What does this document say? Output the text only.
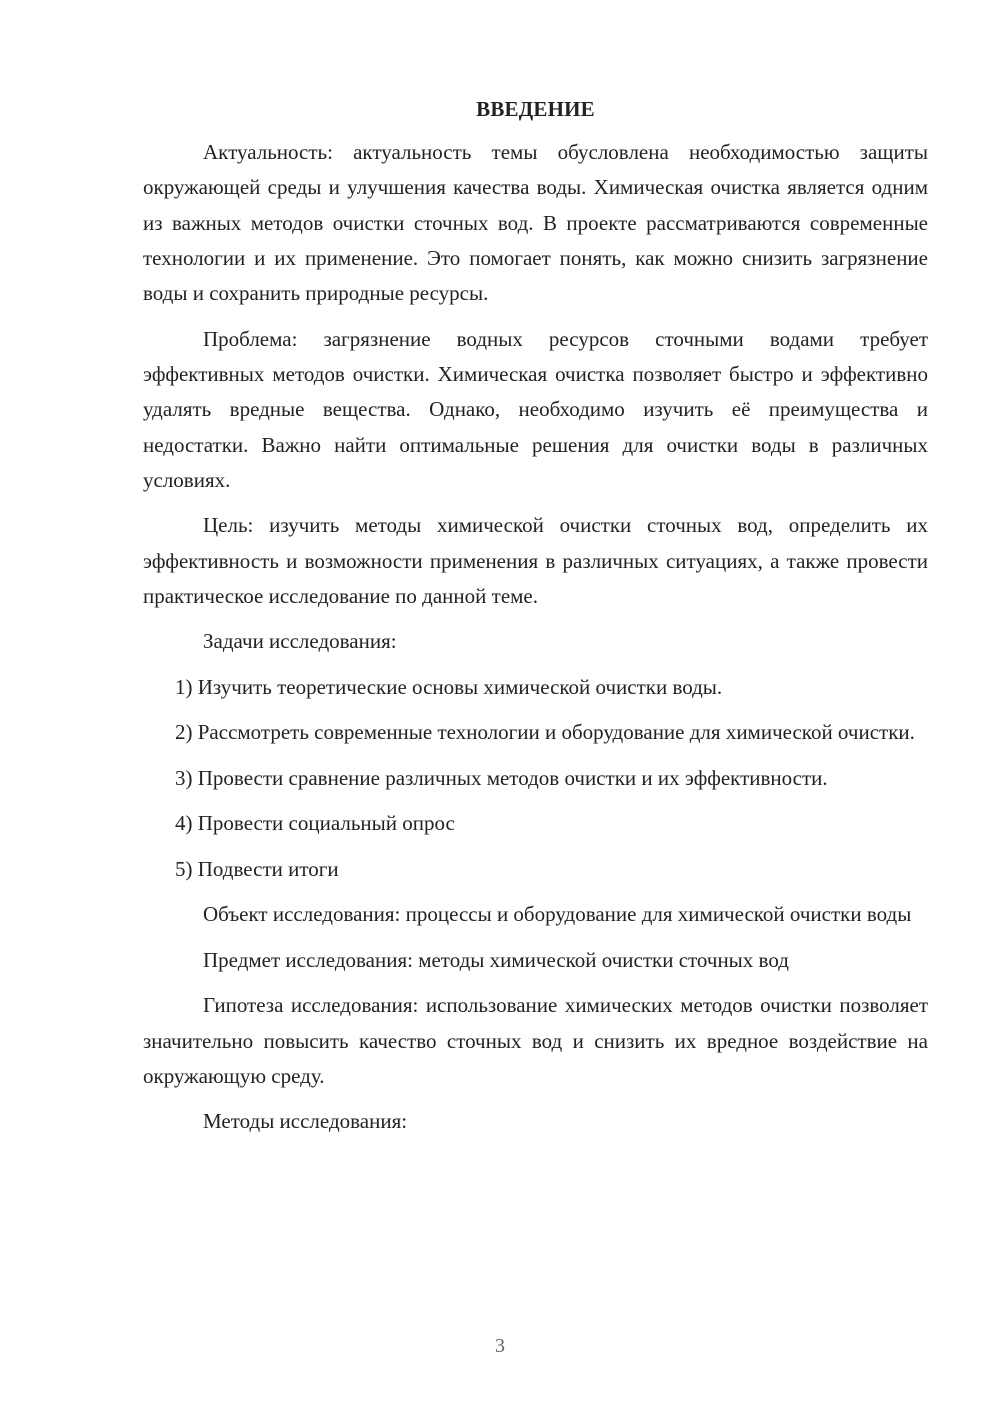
ВВЕДЕНИЕ

Актуальность: актуальность темы обусловлена необходимостью защиты окружающей среды и улучшения качества воды. Химическая очистка является одним из важных методов очистки сточных вод. В проекте рассматриваются современные технологии и их применение. Это помогает понять, как можно снизить загрязнение воды и сохранить природные ресурсы.

Проблема: загрязнение водных ресурсов сточными водами требует эффективных методов очистки. Химическая очистка позволяет быстро и эффективно удалять вредные вещества. Однако, необходимо изучить её преимущества и недостатки. Важно найти оптимальные решения для очистки воды в различных условиях.

Цель: изучить методы химической очистки сточных вод, определить их эффективность и возможности применения в различных ситуациях, а также провести практическое исследование по данной теме.

Задачи исследования:

1) Изучить теоретические основы химической очистки воды.

2) Рассмотреть современные технологии и оборудование для химической очистки.

3) Провести сравнение различных методов очистки и их эффективности.

4) Провести социальный опрос

5) Подвести итоги

Объект исследования: процессы и оборудование для химической очистки воды

Предмет исследования: методы химической очистки сточных вод

Гипотеза исследования: использование химических методов очистки позволяет значительно повысить качество сточных вод и снизить их вредное воздействие на окружающую среду.

Методы исследования:

3
